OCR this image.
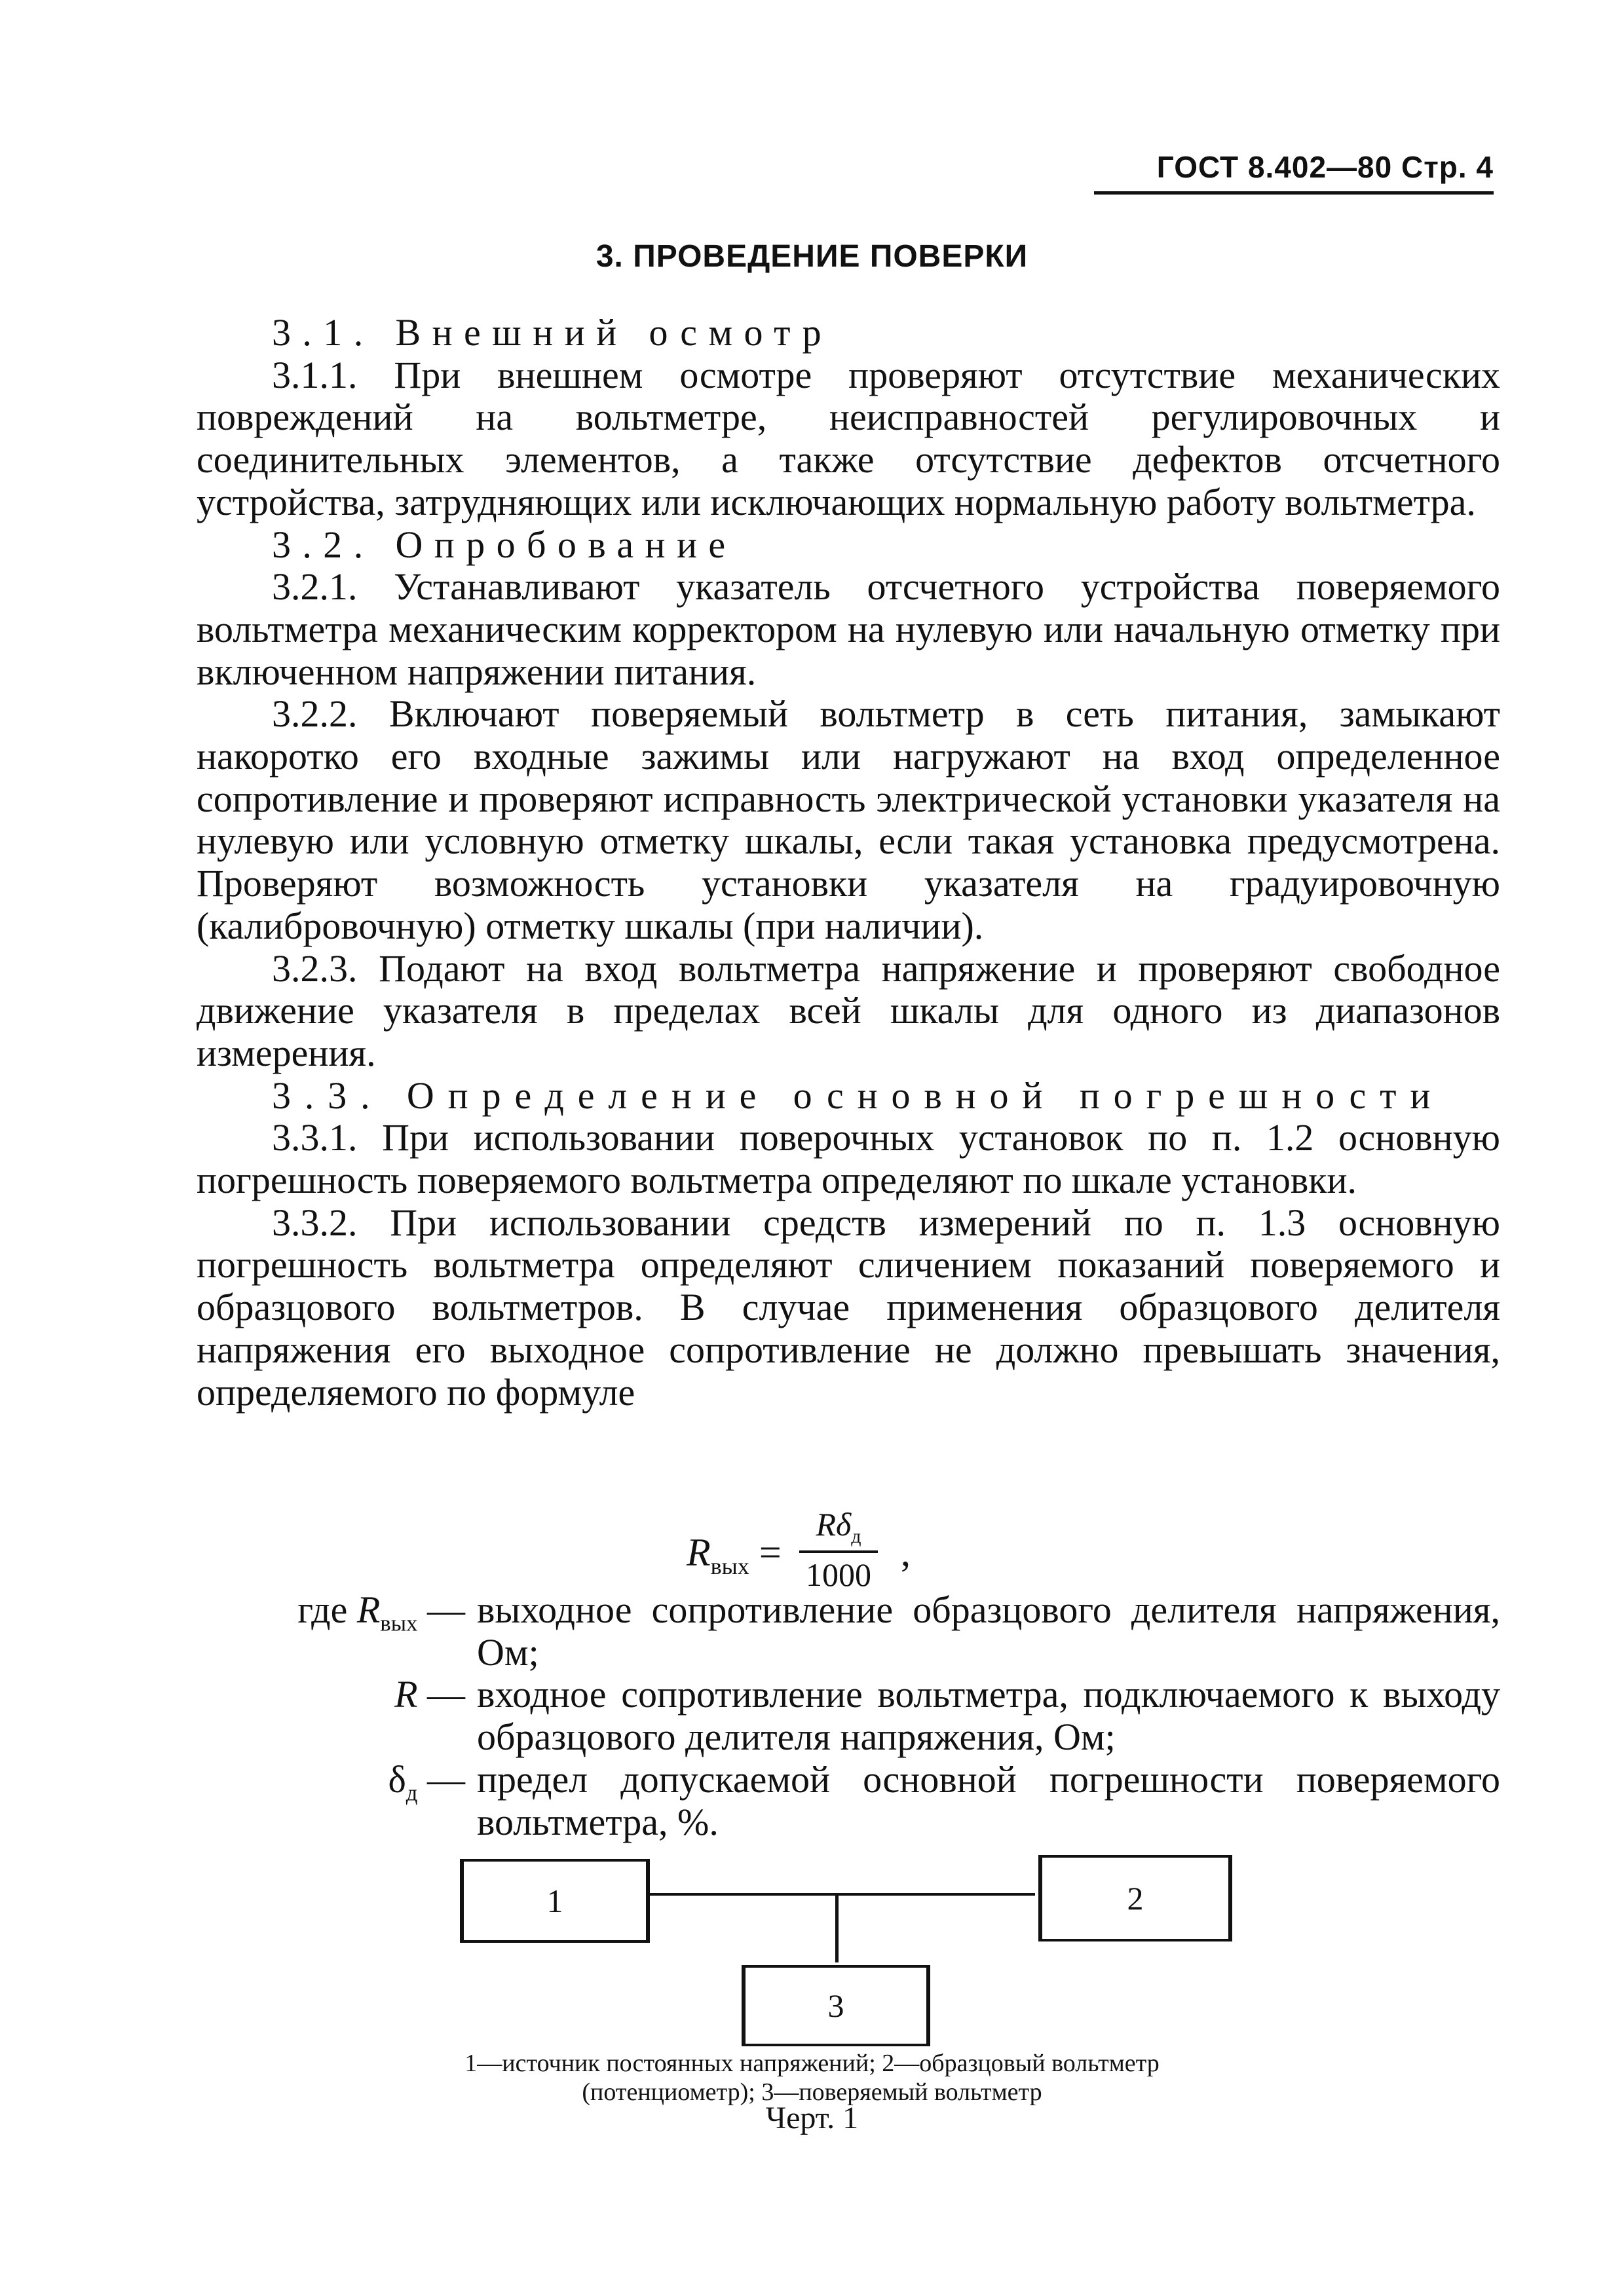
ГОСТ 8.402—80 Стр. 4
3. ПРОВЕДЕНИЕ ПОВЕРКИ

3.1. Внешний осмотр

3.1.1. При внешнем осмотре проверяют отсутствие механических повреждений на вольтметре, неисправностей регулировочных и соединительных элементов, а также отсутствие дефектов отсчетного устройства, затрудняющих или исключающих нормальную работу вольтметра.

3.2. Опробование

3.2.1. Устанавливают указатель отсчетного устройства поверяемого вольтметра механическим корректором на нулевую или начальную отметку при включенном напряжении питания.

3.2.2. Включают поверяемый вольтметр в сеть питания, замыкают накоротко его входные зажимы или нагружают на вход определенное сопротивление и проверяют исправность электрической установки указателя на нулевую или условную отметку шкалы, если такая установка предусмотрена. Проверяют возможность установки указателя на градуировочную (калибровочную) отметку шкалы (при наличии).

3.2.3. Подают на вход вольтметра напряжение и проверяют свободное движение указателя в пределах всей шкалы для одного из диапазонов измерения.

3.3. Определение основной погрешности

3.3.1. При использовании поверочных установок по п. 1.2 основную погрешность поверяемого вольтметра определяют по шкале установки.

3.3.2. При использовании средств измерений по п. 1.3 основную погрешность вольтметра определяют сличением показаний поверяемого и образцового вольтметров. В случае применения образцового делителя напряжения его выходное сопротивление не должно превышать значения, определяемого по формуле

$R_{вых}$ =
$R\delta_д$
1000
,
где $R_{вых}$ — выходное сопротивление образцового делителя напряжения, Ом;
R — входное сопротивление вольтметра, подключаемого к выходу образцового делителя напряжения, Ом;
$\delta_д$ — предел допускаемой основной погрешности поверяемого вольтметра, %.
1	2
3
1—источник постоянных напряжений; 2—образцовый вольтметр
(потенциометр); 3—поверяемый вольтметр
Черт. 1
